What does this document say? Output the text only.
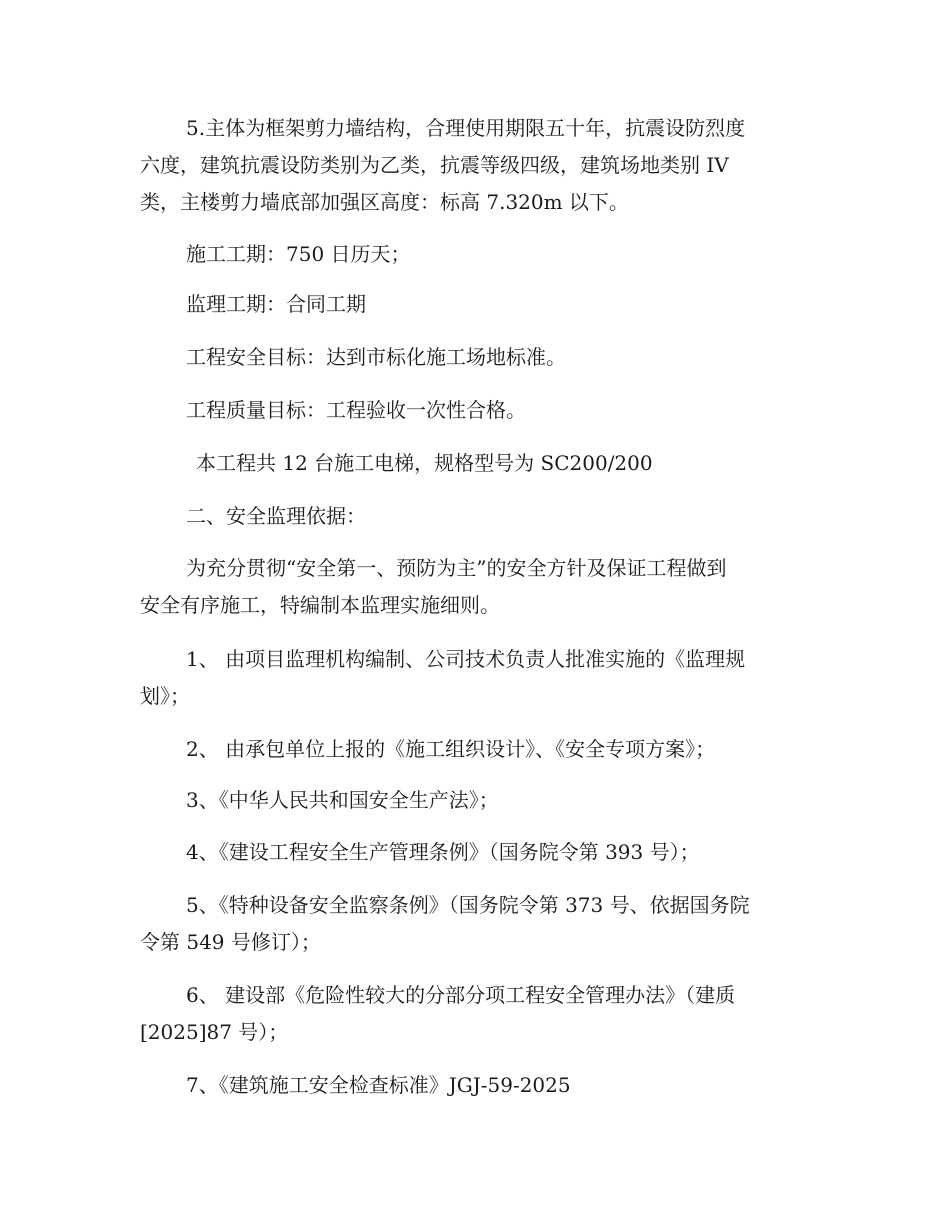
5.主体为框架剪力墙结构，合理使用期限五十年，抗震设防烈度
六度，建筑抗震设防类别为乙类，抗震等级四级，建筑场地类别 IV
类，主楼剪力墙底部加强区高度：标高 7.320m 以下。

施工工期：750 日历天；

监理工期：合同工期

工程安全目标：达到市标化施工场地标准。

工程质量目标：工程验收一次性合格。

本工程共 12 台施工电梯，规格型号为 SC200/200

二、安全监理依据：

为充分贯彻“安全第一、预防为主”的安全方针及保证工程做到
安全有序施工，特编制本监理实施细则。

1、 由项目监理机构编制、公司技术负责人批准实施的《监理规
划》；

2、 由承包单位上报的《施工组织设计》、《安全专项方案》；

3、《中华人民共和国安全生产法》；

4、《建设工程安全生产管理条例》（国务院令第 393 号）；

5、《特种设备安全监察条例》（国务院令第 373 号、依据国务院
令第 549 号修订）；

6、 建设部《危险性较大的分部分项工程安全管理办法》（建质
[2025]87 号）；

7、《建筑施工安全检查标准》JGJ-59-2025
